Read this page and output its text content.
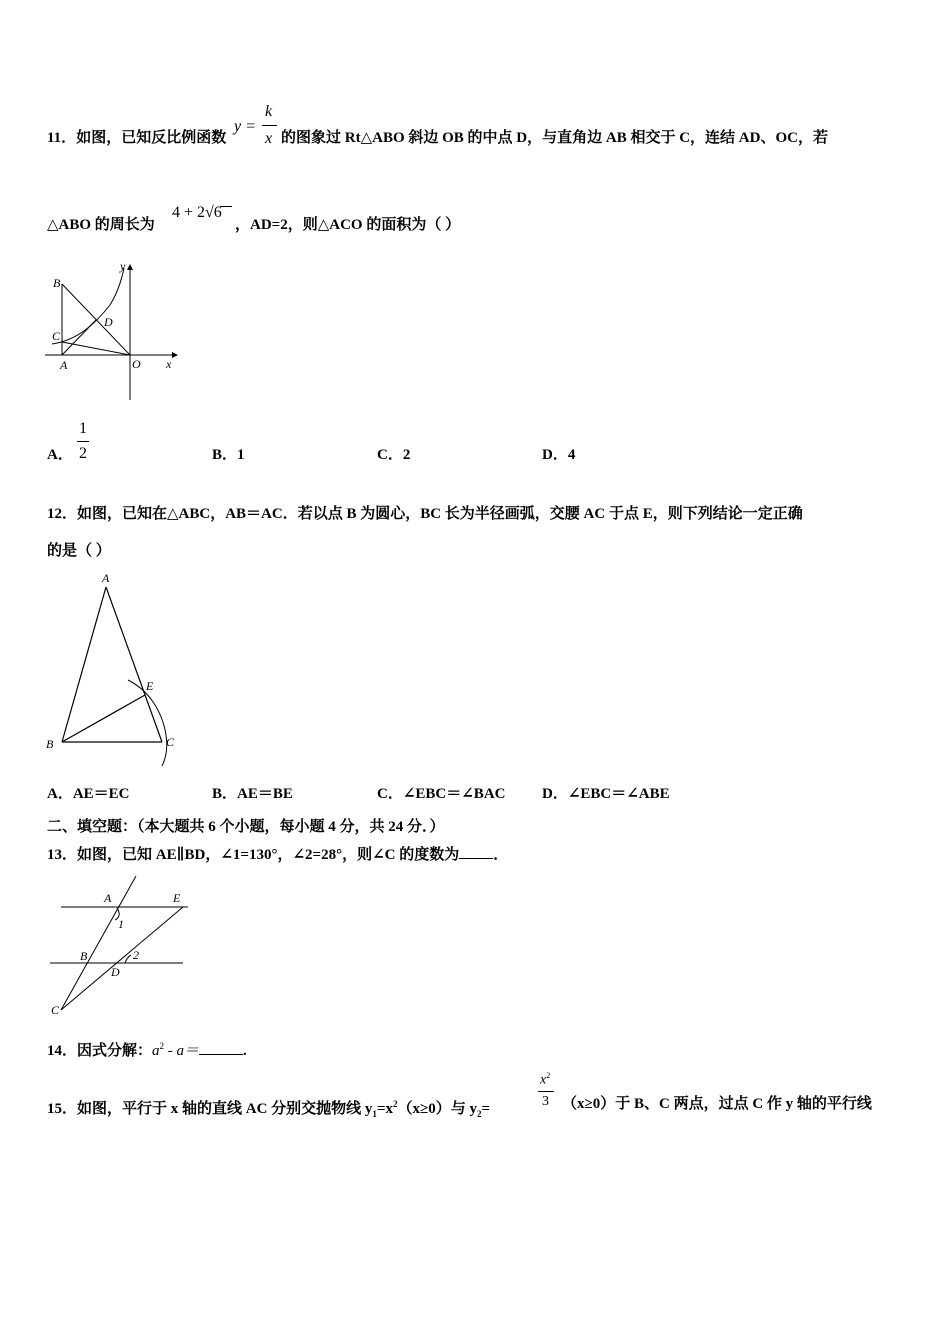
11．如图，已知反比例函数
y =
k
x 的图象过 Rt△ABO 斜边 OB 的中点 D，与直角边 AB 相交于 C，连结 AD、OC，若
△ABO 的周长为
4 + 2√6
，AD=2，则△ACO 的面积为（ ）
y
B
D
C
A	O x
A．
1
2	B．1	C．2	D．4
12．如图，已知在△ABC，AB＝AC．若以点 B 为圆心，BC 长为半径画弧，交腰 AC 于点 E，则下列结论一定正确
的是（ ）
A
E
B	C
A．AE＝EC	B．AE＝BE	C．∠EBC＝∠BAC D．∠EBC＝∠ABE
二、填空题：（本大题共 6 个小题，每小题 4 分，共 24 分．）
13．如图，已知 AE∥BD，∠1=130°，∠2=28°，则∠C 的度数为 ．
A	E
1
B	2
D
C
14．因式分解：$a^2 - a=$	.
15．如图，平行于 x 轴的直线 AC 分别交抛物线 $y_1=x^2(x\ge 0)$与 $y_2=$
$x^2$
3 （x≥0）于 B、C 两点，过点 C 作 y 轴的平行线
